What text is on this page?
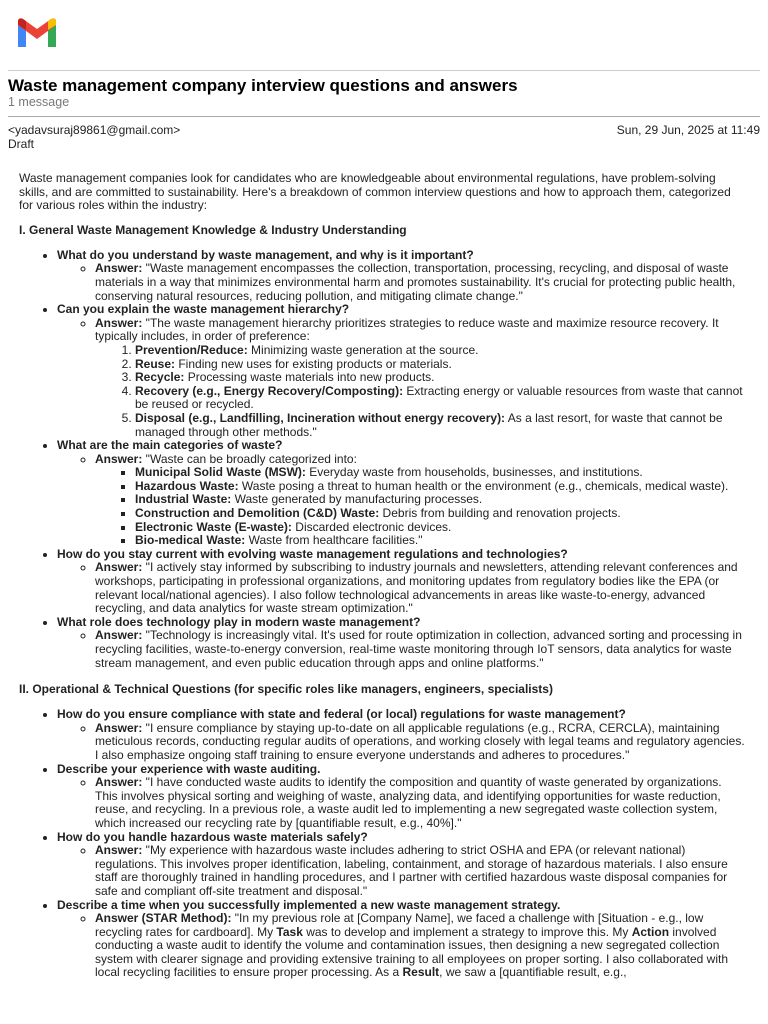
Waste management company interview questions and answers
1 message
<yadavsuraj89861@gmail.com>
Draft
Sun, 29 Jun, 2025 at 11:49

Waste management companies look for candidates who are knowledgeable about environmental regulations, have problem-solving skills, and are committed to sustainability. Here's a breakdown of common interview questions and how to approach them, categorized for various roles within the industry:

I. General Waste Management Knowledge & Industry Understanding
• What do you understand by waste management, and why is it important?
◦ Answer: "Waste management encompasses the collection, transportation, processing, recycling, and disposal of waste materials in a way that minimizes environmental harm and promotes sustainability. It's crucial for protecting public health, conserving natural resources, reducing pollution, and mitigating climate change."
• Can you explain the waste management hierarchy?
◦ Answer: "The waste management hierarchy prioritizes strategies to reduce waste and maximize resource recovery. It typically includes, in order of preference:
1. Prevention/Reduce: Minimizing waste generation at the source.
2. Reuse: Finding new uses for existing products or materials.
3. Recycle: Processing waste materials into new products.
4. Recovery (e.g., Energy Recovery/Composting): Extracting energy or valuable resources from waste that cannot be reused or recycled.
5. Disposal (e.g., Landfilling, Incineration without energy recovery): As a last resort, for waste that cannot be managed through other methods."
• What are the main categories of waste?
◦ Answer: "Waste can be broadly categorized into:
▪ Municipal Solid Waste (MSW): Everyday waste from households, businesses, and institutions.
▪ Hazardous Waste: Waste posing a threat to human health or the environment (e.g., chemicals, medical waste).
▪ Industrial Waste: Waste generated by manufacturing processes.
▪ Construction and Demolition (C&D) Waste: Debris from building and renovation projects.
▪ Electronic Waste (E-waste): Discarded electronic devices.
▪ Bio-medical Waste: Waste from healthcare facilities."
• How do you stay current with evolving waste management regulations and technologies?
◦ Answer: "I actively stay informed by subscribing to industry journals and newsletters, attending relevant conferences and workshops, participating in professional organizations, and monitoring updates from regulatory bodies like the EPA (or relevant local/national agencies). I also follow technological advancements in areas like waste-to-energy, advanced recycling, and data analytics for waste stream optimization."
• What role does technology play in modern waste management?
◦ Answer: "Technology is increasingly vital. It's used for route optimization in collection, advanced sorting and processing in recycling facilities, waste-to-energy conversion, real-time waste monitoring through IoT sensors, data analytics for waste stream management, and even public education through apps and online platforms."
II. Operational & Technical Questions (for specific roles like managers, engineers, specialists)
• How do you ensure compliance with state and federal (or local) regulations for waste management?
◦ Answer: "I ensure compliance by staying up-to-date on all applicable regulations (e.g., RCRA, CERCLA), maintaining meticulous records, conducting regular audits of operations, and working closely with legal teams and regulatory agencies. I also emphasize ongoing staff training to ensure everyone understands and adheres to procedures."
• Describe your experience with waste auditing.
◦ Answer: "I have conducted waste audits to identify the composition and quantity of waste generated by organizations. This involves physical sorting and weighing of waste, analyzing data, and identifying opportunities for waste reduction, reuse, and recycling. In a previous role, a waste audit led to implementing a new segregated waste collection system, which increased our recycling rate by [quantifiable result, e.g., 40%]."
• How do you handle hazardous waste materials safely?
◦ Answer: "My experience with hazardous waste includes adhering to strict OSHA and EPA (or relevant national) regulations. This involves proper identification, labeling, containment, and storage of hazardous materials. I also ensure staff are thoroughly trained in handling procedures, and I partner with certified hazardous waste disposal companies for safe and compliant off-site treatment and disposal."
• Describe a time when you successfully implemented a new waste management strategy.
◦ Answer (STAR Method): "In my previous role at [Company Name], we faced a challenge with [Situation - e.g., low recycling rates for cardboard]. My Task was to develop and implement a strategy to improve this. My Action involved conducting a waste audit to identify the volume and contamination issues, then designing a new segregated collection system with clearer signage and providing extensive training to all employees on proper sorting. I also collaborated with local recycling facilities to ensure proper processing. As a Result, we saw a [quantifiable result, e.g.,
